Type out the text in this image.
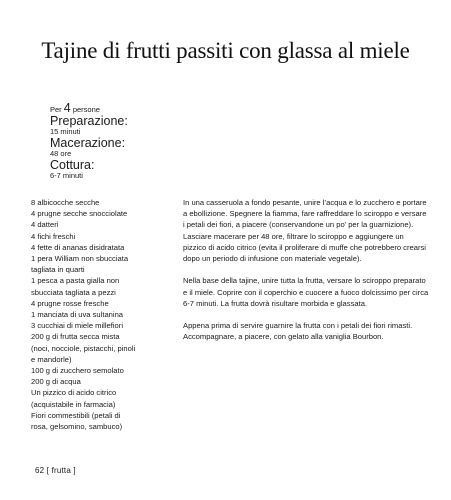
Tajine di frutti passiti con glassa al miele
Per 4 persone
Preparazione:
15 minuti
Macerazione:
48 ore
Cottura:
6-7 minuti
8 albicocche secche
4 prugne secche snocciolate
4 datteri
4 fichi freschi
4 fette di ananas disidratata
1 pera William non sbucciata
tagliata in quarti
1 pesca a pasta gialla non
sbucciata tagliata a pezzi
4 prugne rosse fresche
1 manciata di uva sultanina
3 cucchiai di miele millefiori
200 g di frutta secca mista
(noci, nocciole, pistacchi, pinoli
e mandorle)
100 g di zucchero semolato
200 g di acqua
Un pizzico di acido citrico
(acquistabile in farmacia)
Fiori commestibili (petali di
rosa, gelsomino, sambuco)

In una casseruola a fondo pesante, unire l’acqua e lo zucchero e portare a ebollizione. Spegnere la fiamma, fare raffreddare lo sciroppo e versare i petali dei fiori, a piacere (conservandone un po’ per la guarnizione). Lasciare macerare per 48 ore, filtrare lo sciroppo e aggiungere un pizzico di acido citrico (evita il proliferare di muffe che potrebbero crearsi dopo un periodo di infusione con materiale vegetale).

Nella base della tajine, unire tutta la frutta, versare lo sciroppo preparato e il miele. Coprire con il coperchio e cuocere a fuoco dolcissimo per circa 6-7 minuti. La frutta dovrà risultare morbida e glassata.

Appena prima di servire guarnire la frutta con i petali dei fiori rimasti. Accompagnare, a piacere, con gelato alla vaniglia Bourbon.

62 [ frutta ]
